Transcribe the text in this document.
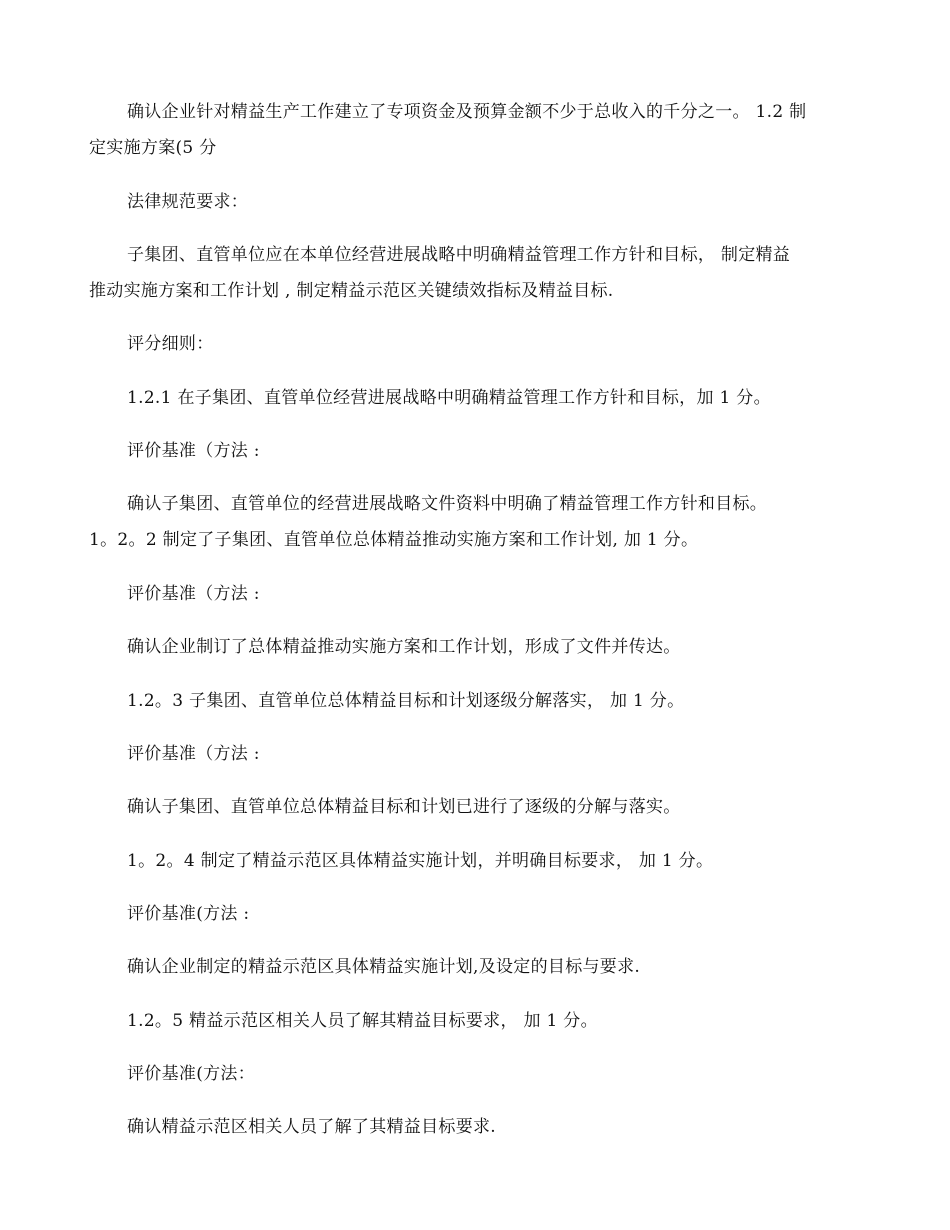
确认企业针对精益生产工作建立了专项资金及预算金额不少于总收入的千分之一。 1.2 制
定实施方案(5 分
法律规范要求：
子集团、直管单位应在本单位经营进展战略中明确精益管理工作方针和目标， 制定精益
推动实施方案和工作计划 , 制定精益示范区关键绩效指标及精益目标.
评分细则：
1.2.1 在子集团、直管单位经营进展战略中明确精益管理工作方针和目标，加 1 分。
评价基准（方法 :
确认子集团、直管单位的经营进展战略文件资料中明确了精益管理工作方针和目标。
1。2。2 制定了子集团、直管单位总体精益推动实施方案和工作计划, 加 1 分。
评价基准（方法 :
确认企业制订了总体精益推动实施方案和工作计划，形成了文件并传达。
1.2。3 子集团、直管单位总体精益目标和计划逐级分解落实， 加 1 分。
评价基准（方法 :
确认子集团、直管单位总体精益目标和计划已进行了逐级的分解与落实。
1。2。4 制定了精益示范区具体精益实施计划，并明确目标要求， 加 1 分。
评价基准(方法 :
确认企业制定的精益示范区具体精益实施计划,及设定的目标与要求.
1.2。5 精益示范区相关人员了解其精益目标要求， 加 1 分。
评价基准(方法：
确认精益示范区相关人员了解了其精益目标要求.
